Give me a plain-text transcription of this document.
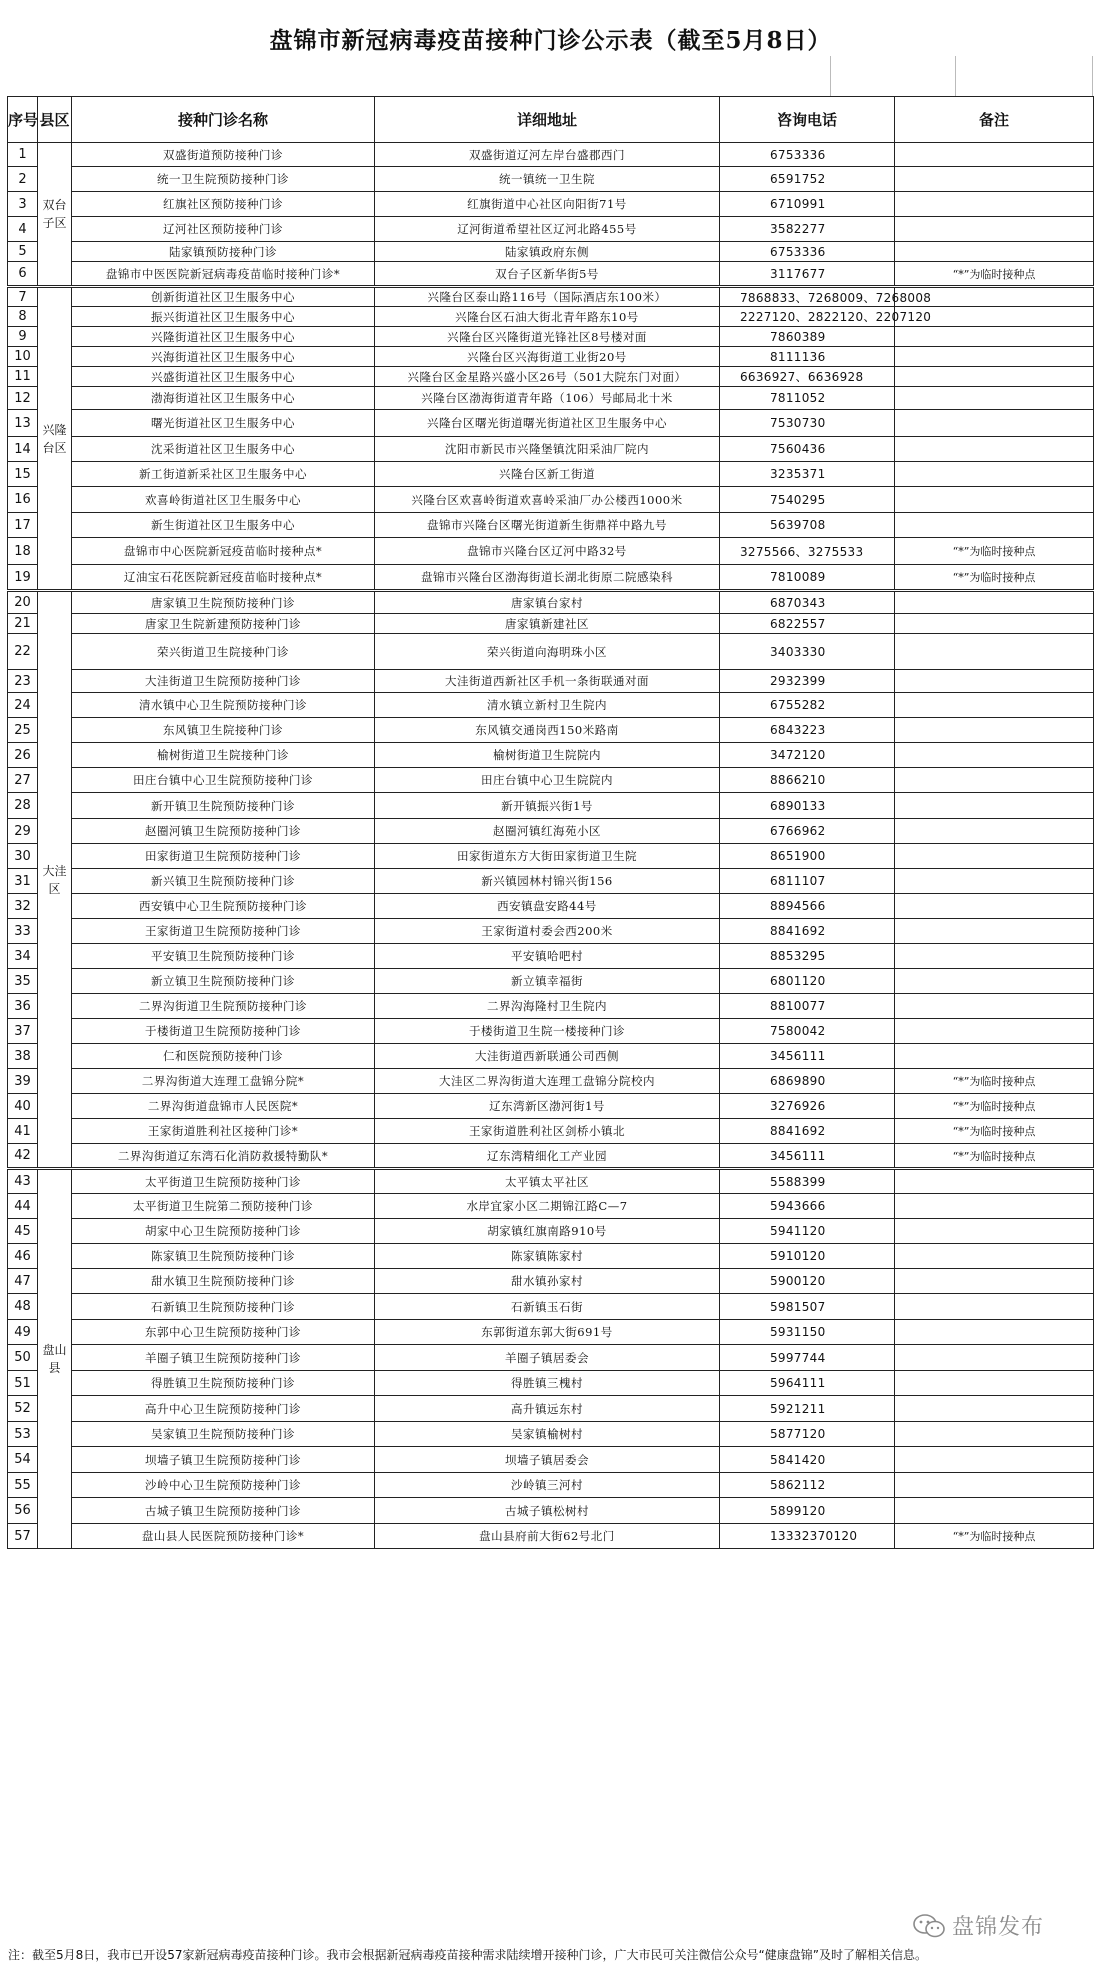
盘锦市新冠病毒疫苗接种门诊公示表（截至5月8日）
序号	县区	接种门诊名称	详细地址	咨询电话	备注
1	双台子区	双盛街道预防接种门诊	双盛街道辽河左岸台盛郡西门	6753336	
2		统一卫生院预防接种门诊	统一镇统一卫生院	6591752	
3		红旗社区预防接种门诊	红旗街道中心社区向阳街71号	6710991	
4		辽河社区预防接种门诊	辽河街道希望社区辽河北路455号	3582277	
5		陆家镇预防接种门诊	陆家镇政府东侧	6753336	
6		盘锦市中医医院新冠病毒疫苗临时接种门诊*	双台子区新华街5号	3117677	“*”为临时接种点
7	兴隆台区	创新街道社区卫生服务中心	兴隆台区泰山路116号（国际酒店东100米）	7868833、7268009、7268008	
8		振兴街道社区卫生服务中心	兴隆台区石油大街北青年路东10号	2227120、2822120、2207120	
9		兴隆街道社区卫生服务中心	兴隆台区兴隆街道光锋社区8号楼对面	7860389	
10		兴海街道社区卫生服务中心	兴隆台区兴海街道工业街20号	8111136	
11		兴盛街道社区卫生服务中心	兴隆台区金星路兴盛小区26号（501大院东门对面）	6636927、6636928	
12		渤海街道社区卫生服务中心	兴隆台区渤海街道青年路（106）号邮局北十米	7811052	
13		曙光街道社区卫生服务中心	兴隆台区曙光街道曙光街道社区卫生服务中心	7530730	
14		沈采街道社区卫生服务中心	沈阳市新民市兴隆堡镇沈阳采油厂院内	7560436	
15		新工街道新采社区卫生服务中心	兴隆台区新工街道	3235371	
16		欢喜岭街道社区卫生服务中心	兴隆台区欢喜岭街道欢喜岭采油厂办公楼西1000米	7540295	
17		新生街道社区卫生服务中心	盘锦市兴隆台区曙光街道新生街鼎祥中路九号	5639708	
18		盘锦市中心医院新冠疫苗临时接种点*	盘锦市兴隆台区辽河中路32号	3275566、3275533	“*”为临时接种点
19		辽油宝石花医院新冠疫苗临时接种点*	盘锦市兴隆台区渤海街道长湖北街原二院感染科	7810089	“*”为临时接种点
20	大洼区	唐家镇卫生院预防接种门诊	唐家镇台家村	6870343	
21		唐家卫生院新建预防接种门诊	唐家镇新建社区	6822557	
22		荣兴街道卫生院接种门诊	荣兴街道向海明珠小区	3403330	
23		大洼街道卫生院预防接种门诊	大洼街道西新社区手机一条街联通对面	2932399	
24		清水镇中心卫生院预防接种门诊	清水镇立新村卫生院内	6755282	
25		东风镇卫生院接种门诊	东风镇交通岗西150米路南	6843223	
26		榆树街道卫生院接种门诊	榆树街道卫生院院内	3472120	
27		田庄台镇中心卫生院预防接种门诊	田庄台镇中心卫生院院内	8866210	
28		新开镇卫生院预防接种门诊	新开镇振兴街1号	6890133	
29		赵圈河镇卫生院预防接种门诊	赵圈河镇红海苑小区	6766962	
30		田家街道卫生院预防接种门诊	田家街道东方大街田家街道卫生院	8651900	
31		新兴镇卫生院预防接种门诊	新兴镇园林村锦兴街156	6811107	
32		西安镇中心卫生院预防接种门诊	西安镇盘安路44号	8894566	
33		王家街道卫生院预防接种门诊	王家街道村委会西200米	8841692	
34		平安镇卫生院预防接种门诊	平安镇哈吧村	8853295	
35		新立镇卫生院预防接种门诊	新立镇幸福街	6801120	
36		二界沟街道卫生院预防接种门诊	二界沟海隆村卫生院内	8810077	
37		于楼街道卫生院预防接种门诊	于楼街道卫生院一楼接种门诊	7580042	
38		仁和医院预防接种门诊	大洼街道西新联通公司西侧	3456111	
39		二界沟街道大连理工盘锦分院*	大洼区二界沟街道大连理工盘锦分院校内	6869890	“*”为临时接种点
40		二界沟街道盘锦市人民医院*	辽东湾新区渤河街1号	3276926	“*”为临时接种点
41		王家街道胜利社区接种门诊*	王家街道胜利社区剑桥小镇北	8841692	“*”为临时接种点
42		二界沟街道辽东湾石化消防救援特勤队*	辽东湾精细化工产业园	3456111	“*”为临时接种点
43	盘山县	太平街道卫生院预防接种门诊	太平镇太平社区	5588399	
44		太平街道卫生院第二预防接种门诊	水岸宜家小区二期锦江路C—7	5943666	
45		胡家中心卫生院预防接种门诊	胡家镇红旗南路910号	5941120	
46		陈家镇卫生院预防接种门诊	陈家镇陈家村	5910120	
47		甜水镇卫生院预防接种门诊	甜水镇孙家村	5900120	
48		石新镇卫生院预防接种门诊	石新镇玉石街	5981507	
49		东郭中心卫生院预防接种门诊	东郭街道东郭大街691号	5931150	
50		羊圈子镇卫生院预防接种门诊	羊圈子镇居委会	5997744	
51		得胜镇卫生院预防接种门诊	得胜镇三槐村	5964111	
52		高升中心卫生院预防接种门诊	高升镇远东村	5921211	
53		吴家镇卫生院预防接种门诊	吴家镇榆树村	5877120	
54		坝墙子镇卫生院预防接种门诊	坝墙子镇居委会	5841420	
55		沙岭中心卫生院预防接种门诊	沙岭镇三河村	5862112	
56		古城子镇卫生院预防接种门诊	古城子镇松树村	5899120	
57		盘山县人民医院预防接种门诊*	盘山县府前大街62号北门	13332370120	“*”为临时接种点
注：截至5月8日，我市已开设57家新冠病毒疫苗接种门诊。我市会根据新冠病毒疫苗接种需求陆续增开接种门诊，广大市民可关注微信公众号“健康盘锦”及时了解相关信息。
盘锦发布
